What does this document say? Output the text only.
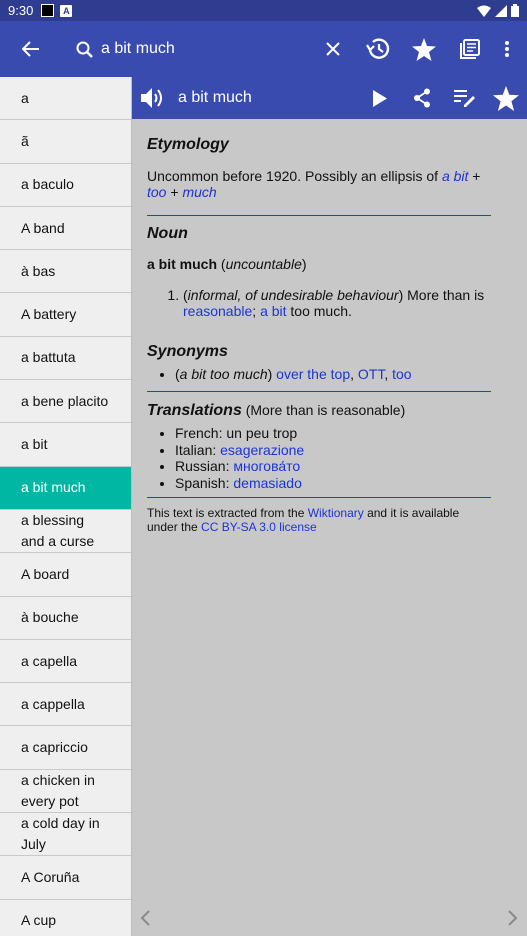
9:30	A
a bit much
a
ã
a baculo
A band
à bas
A battery
a battuta
a bene placito
a bit
a bit much
a blessing and a curse
A board
à bouche
a capella
a cappella
a capriccio
a chicken in every pot
a cold day in July
A Coruña
A cup
a bit much
Etymology
Uncommon before 1920. Possibly an ellipsis of a bit + too + much
Noun
a bit much (uncountable)
1. (informal, of undesirable behaviour) More than is reasonable; a bit too much.
Synonyms
• (a bit too much) over the top, OTT, too
Translations (More than is reasonable)
• French: un peu trop
• Italian: esagerazione
• Russian: многова́то
• Spanish: demasiado
This text is extracted from the Wiktionary and it is available under the CC BY-SA 3.0 license
